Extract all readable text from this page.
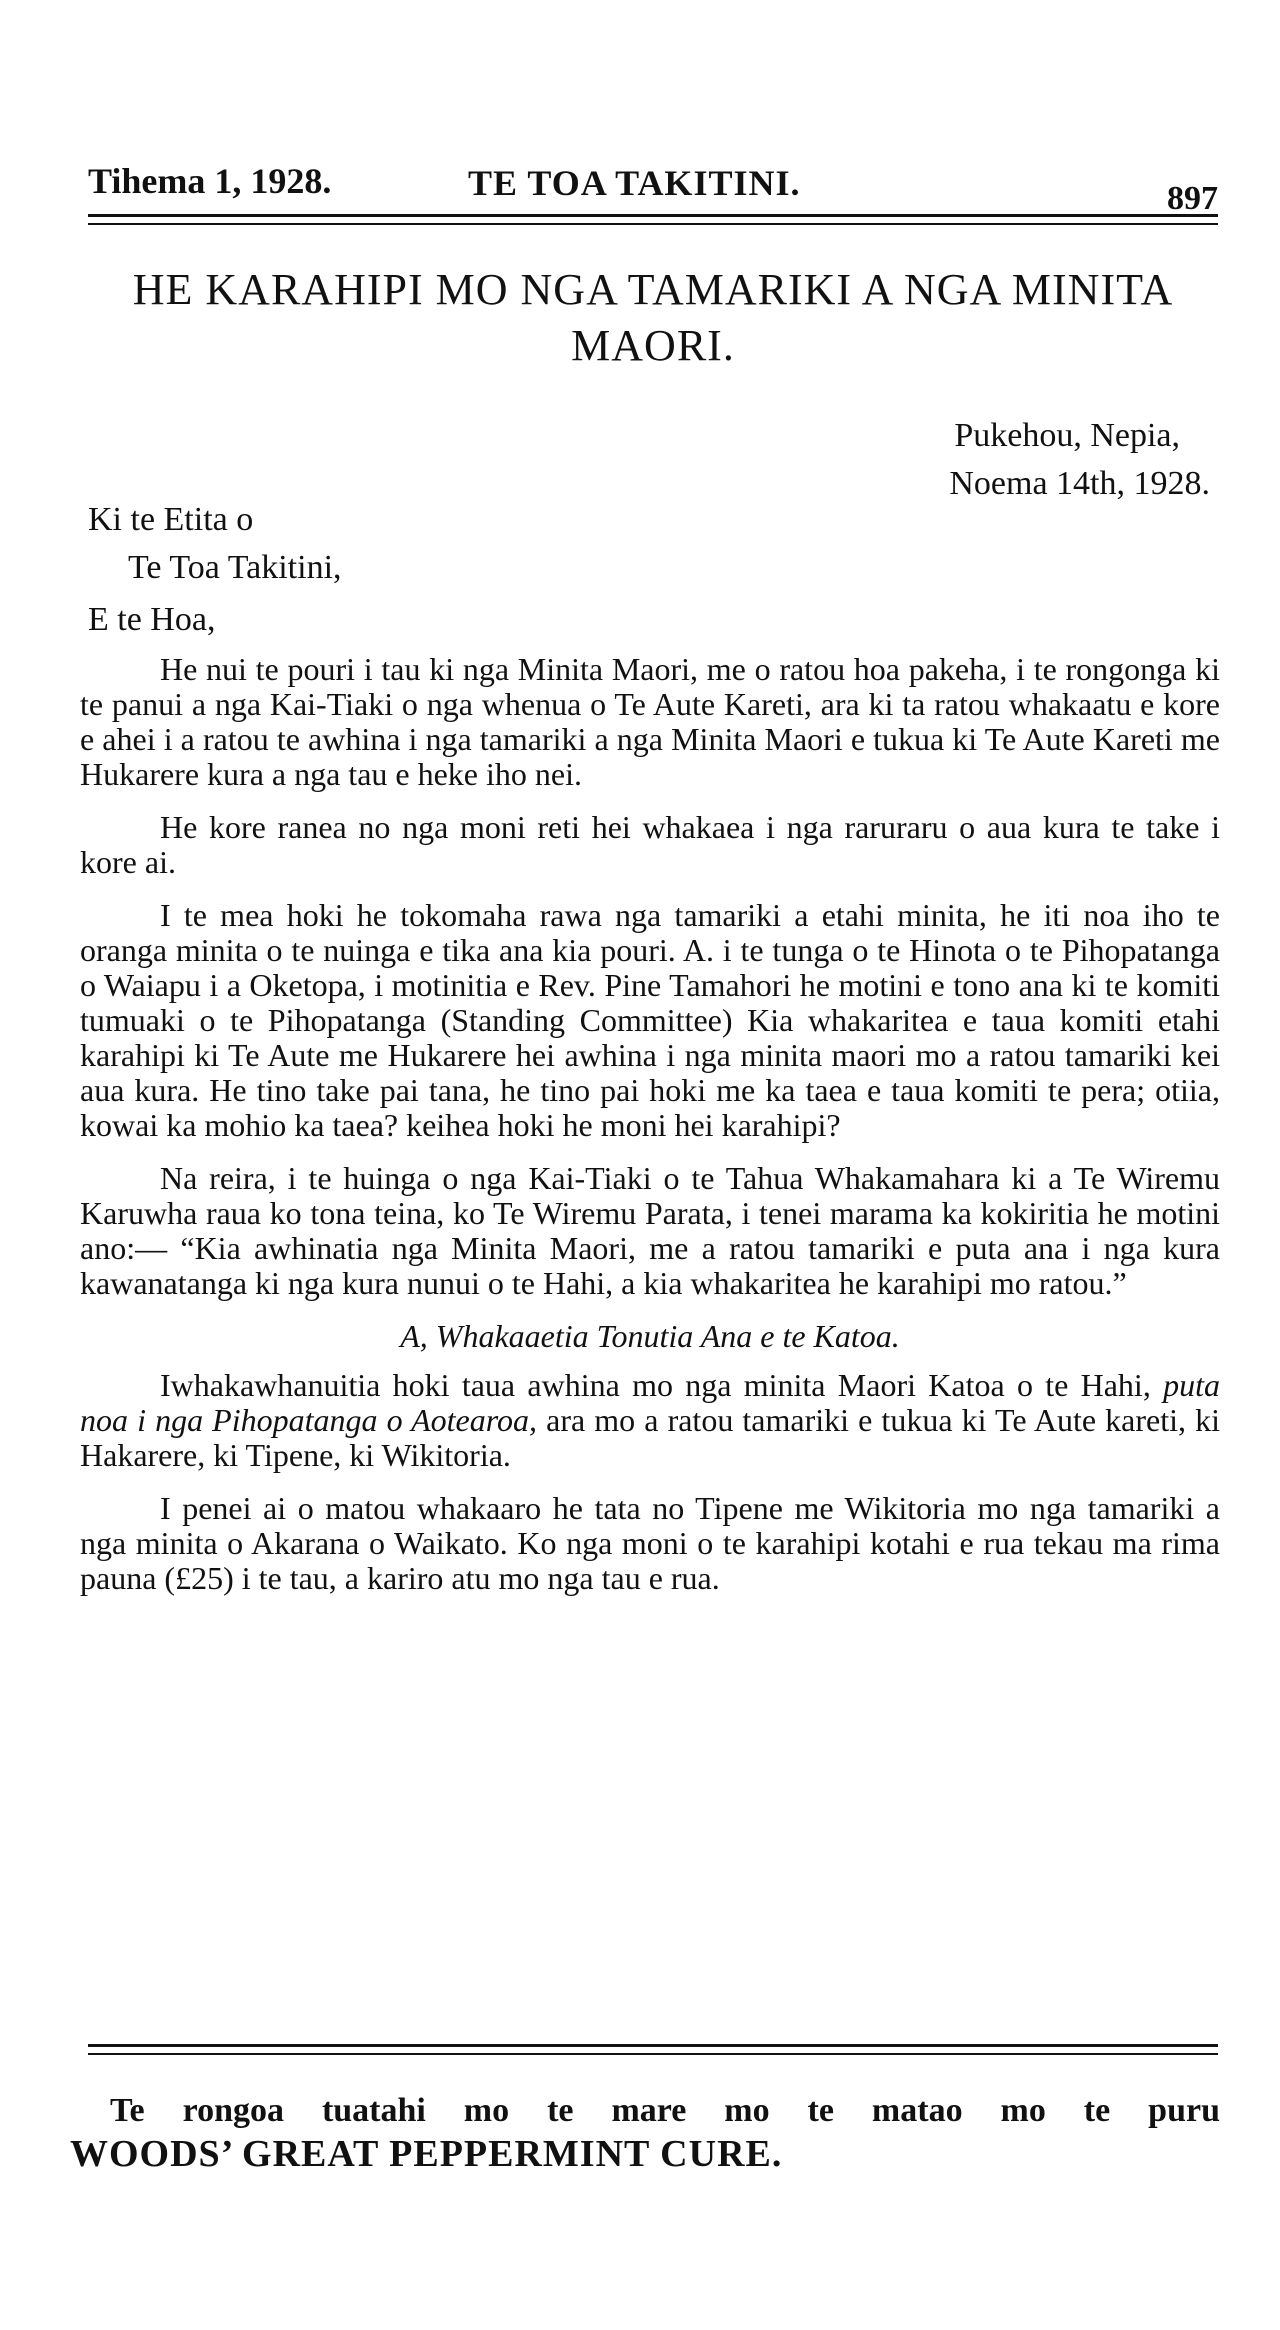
Tihema 1, 1928.	TE TOA TAKITINI.	897
HE KARAHIPI MO NGA TAMARIKI A NGA MINITA MAORI.
Pukehou, Nepia,
Noema 14th, 1928.
Ki te Etita o
Te Toa Takitini,
E te Hoa,

He nui te pouri i tau ki nga Minita Maori, me o ratou hoa pakeha, i te rongonga ki te panui a nga Kai-Tiaki o nga whenua o Te Aute Kareti, ara ki ta ratou whakaatu e kore e ahei i a ratou te awhina i nga tamariki a nga Minita Maori e tukua ki Te Aute Kareti me Hukarere kura a nga tau e heke iho nei.

He kore ranea no nga moni reti hei whakaea i nga raruraru o aua kura te take i kore ai.

I te mea hoki he tokomaha rawa nga tamariki a etahi minita, he iti noa iho te oranga minita o te nuinga e tika ana kia pouri. A. i te tunga o te Hinota o te Pihopatanga o Waiapu i a Oketopa, i motinitia e Rev. Pine Tamahori he motini e tono ana ki te komiti tumuaki o te Pihopatanga (Standing Committee) Kia whakaritea e taua komiti etahi karahipi ki Te Aute me Hukarere hei awhina i nga minita maori mo a ratou tamariki kei aua kura. He tino take pai tana, he tino pai hoki me ka taea e taua komiti te pera; otiia, kowai ka mohio ka taea? keihea hoki he moni hei karahipi?

Na reira, i te huinga o nga Kai-Tiaki o te Tahua Whakamahara ki a Te Wiremu Karuwha raua ko tona teina, ko Te Wiremu Parata, i tenei marama ka kokiritia he motini ano:— “Kia awhinatia nga Minita Maori, me a ratou tamariki e puta ana i nga kura kawanatanga ki nga kura nunui o te Hahi, a kia whakaritea he karahipi mo ratou.”

A, Whakaaetia Tonutia Ana e te Katoa.

Iwhakawhanuitia hoki taua awhina mo nga minita Maori Katoa o te Hahi, puta noa i nga Pihopatanga o Aotearoa, ara mo a ratou tamariki e tukua ki Te Aute kareti, ki Hakarere, ki Tipene, ki Wikitoria.

I penei ai o matou whakaaro he tata no Tipene me Wikitoria mo nga tamariki a nga minita o Akarana o Waikato. Ko nga moni o te karahipi kotahi e rua tekau ma rima pauna (£25) i te tau, a kariro atu mo nga tau e rua.

Te rongoa tuatahi mo te mare mo te matao mo te puru
WOODS’ GREAT PEPPERMINT CURE.
